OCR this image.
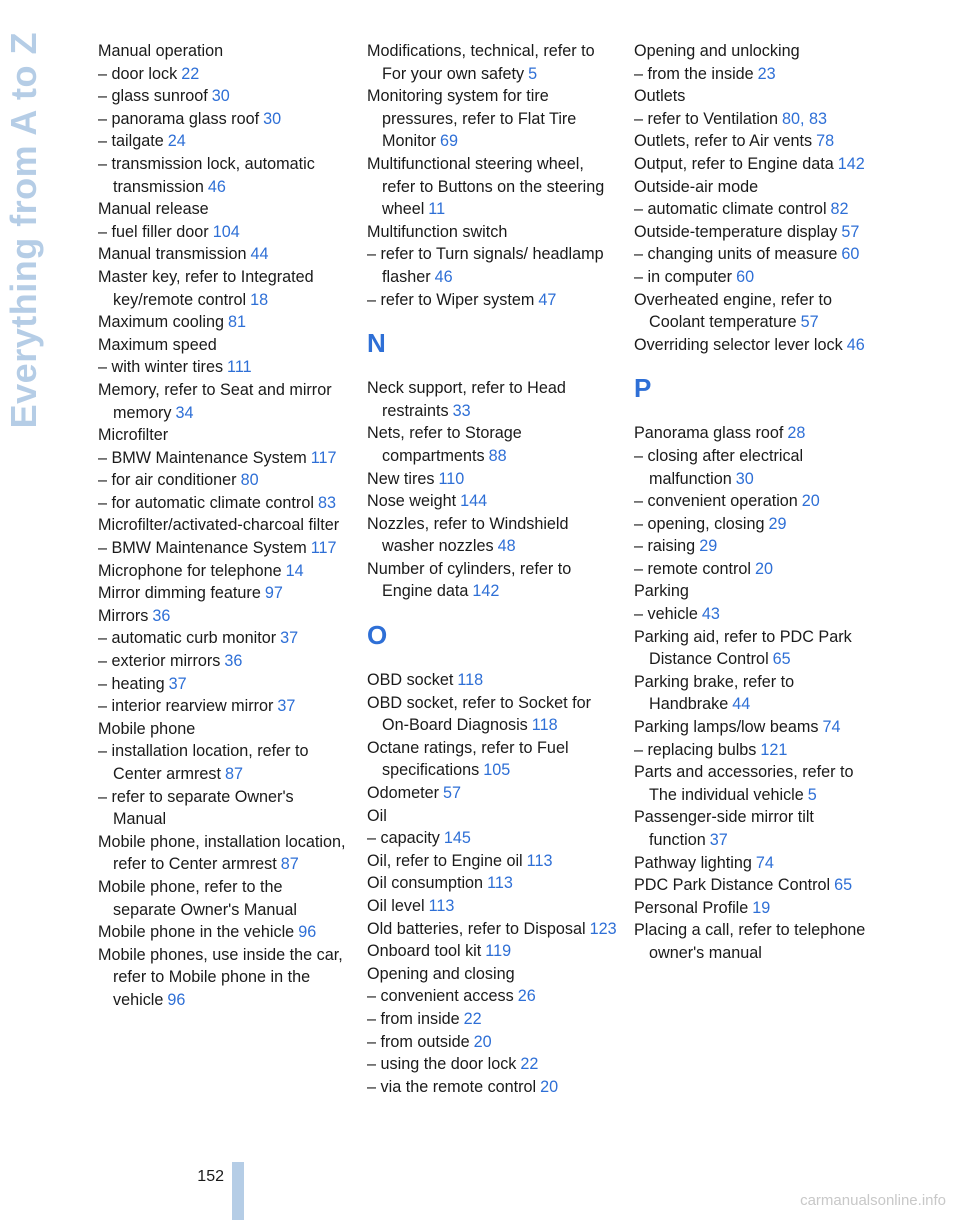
Everything from A to Z	Manual operation
– door lock 22
– glass sunroof 30
– panorama glass roof 30
– tailgate 24
– transmission lock, automatic transmission 46
Manual release
– fuel filler door 104
Manual transmission 44
Master key, refer to Integrated key/remote control 18
Maximum cooling 81
Maximum speed
– with winter tires 111
Memory, refer to Seat and mirror memory 34
Microfilter
– BMW Maintenance System 117
– for air conditioner 80
– for automatic climate control 83
Microfilter/activated-charcoal filter
– BMW Maintenance System 117
Microphone for telephone 14
Mirror dimming feature 97
Mirrors 36
– automatic curb monitor 37
– exterior mirrors 36
– heating 37
– interior rearview mirror 37
Mobile phone
– installation location, refer to Center armrest 87
– refer to separate Owner's Manual
Mobile phone, installation location, refer to Center armrest 87
Mobile phone, refer to the separate Owner's Manual
Mobile phone in the vehicle 96
Mobile phones, use inside the car, refer to Mobile phone in the vehicle 96
Modifications, technical, refer to For your own safety 5
Monitoring system for tire pressures, refer to Flat Tire Monitor 69
Multifunctional steering wheel, refer to Buttons on the steering wheel 11
Multifunction switch
– refer to Turn signals/ headlamp flasher 46
– refer to Wiper system 47
N
Neck support, refer to Head restraints 33
Nets, refer to Storage compartments 88
New tires 110
Nose weight 144
Nozzles, refer to Windshield washer nozzles 48
Number of cylinders, refer to Engine data 142
O
OBD socket 118
OBD socket, refer to Socket for On-Board Diagnosis 118
Octane ratings, refer to Fuel specifications 105
Odometer 57
Oil
– capacity 145
Oil, refer to Engine oil 113
Oil consumption 113
Oil level 113
Old batteries, refer to Disposal 123
Onboard tool kit 119
Opening and closing
– convenient access 26
– from inside 22
– from outside 20
– using the door lock 22
– via the remote control 20
Opening and unlocking
– from the inside 23
Outlets
– refer to Ventilation 80, 83
Outlets, refer to Air vents 78
Output, refer to Engine data 142
Outside-air mode
– automatic climate control 82
Outside-temperature display 57
– changing units of measure 60
– in computer 60
Overheated engine, refer to Coolant temperature 57
Overriding selector lever lock 46
P
Panorama glass roof 28
– closing after electrical malfunction 30
– convenient operation 20
– opening, closing 29
– raising 29
– remote control 20
Parking
– vehicle 43
Parking aid, refer to PDC Park Distance Control 65
Parking brake, refer to Handbrake 44
Parking lamps/low beams 74
– replacing bulbs 121
Parts and accessories, refer to The individual vehicle 5
Passenger-side mirror tilt function 37
Pathway lighting 74
PDC Park Distance Control 65
Personal Profile 19
Placing a call, refer to telephone owner's manual
152
carmanualsonline.info
